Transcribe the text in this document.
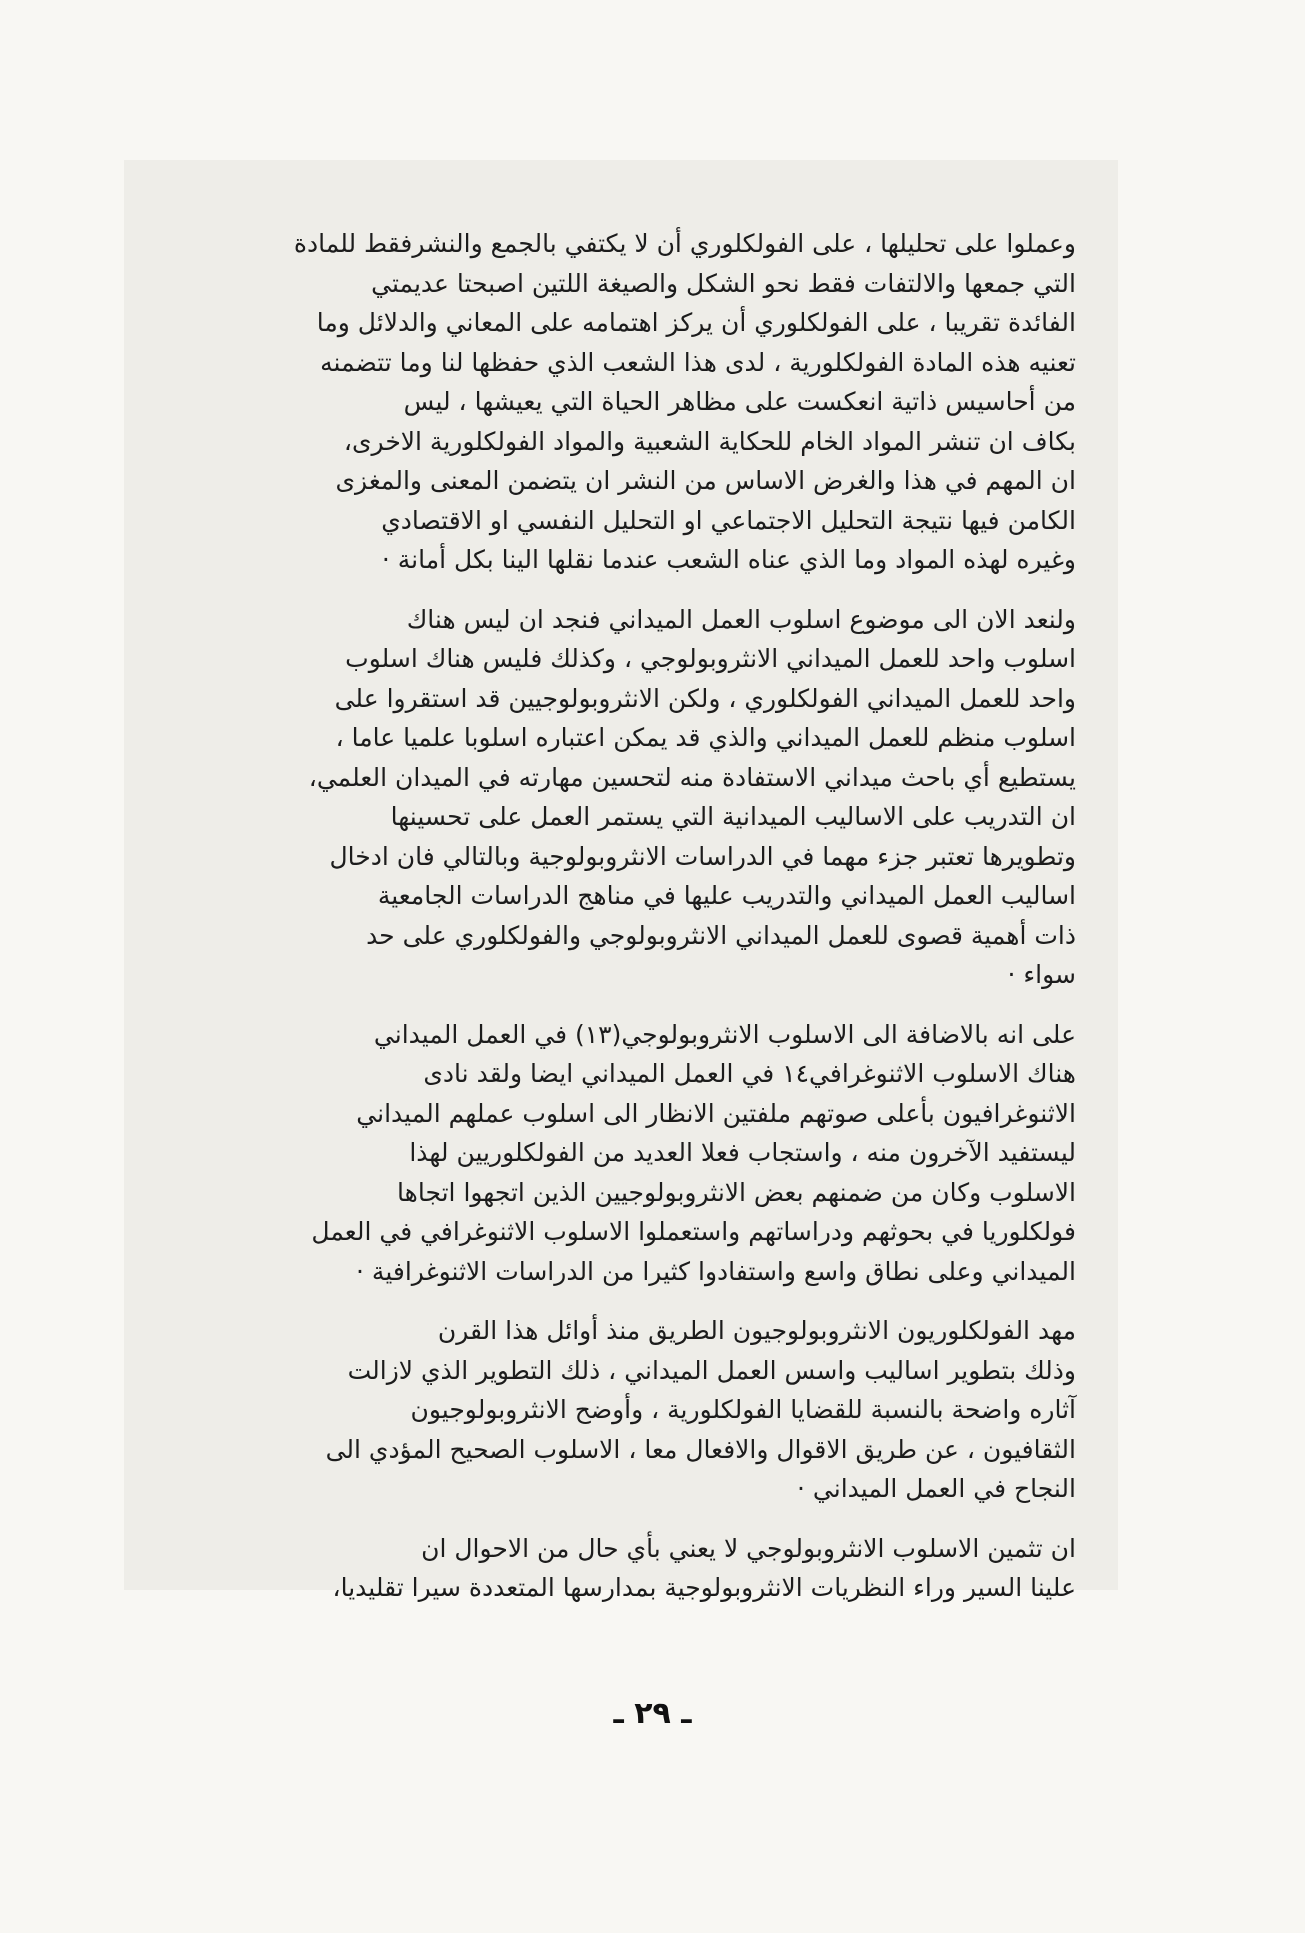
وعملوا على تحليلها ، على الفولكلوري أن لا يكتفي بالجمع والنشرفقط للمادة
التي جمعها والالتفات فقط نحو الشكل والصيغة اللتين اصبحتا عديمتي
الفائدة تقريبا ، على الفولكلوري أن يركز اهتمامه على المعاني والدلائل وما
تعنيه هذه المادة الفولكلورية ، لدى هذا الشعب الذي حفظها لنا وما تتضمنه
من أحاسيس ذاتية انعكست على مظاهر الحياة التي يعيشها ، ليس
بكاف ان تنشر المواد الخام للحكاية الشعبية والمواد الفولكلورية الاخرى،
ان المهم في هذا والغرض الاساس من النشر ان يتضمن المعنى والمغزى
الكامن فيها نتيجة التحليل الاجتماعي او التحليل النفسي او الاقتصادي
وغيره لهذه المواد وما الذي عناه الشعب عندما نقلها الينا بكل أمانة ·

ولنعد الان الى موضوع اسلوب العمل الميداني فنجد ان ليس هناك
اسلوب واحد للعمل الميداني الانثروبولوجي ، وكذلك فليس هناك اسلوب
واحد للعمل الميداني الفولكلوري ، ولكن الانثروبولوجيين قد استقروا على
اسلوب منظم للعمل الميداني والذي قد يمكن اعتباره اسلوبا علميا عاما ،
يستطيع أي باحث ميداني الاستفادة منه لتحسين مهارته في الميدان العلمي،
ان التدريب على الاساليب الميدانية التي يستمر العمل على تحسينها
وتطويرها تعتبر جزء مهما في الدراسات الانثروبولوجية وبالتالي فان ادخال
اساليب العمل الميداني والتدريب عليها في مناهج الدراسات الجامعية
ذات أهمية قصوى للعمل الميداني الانثروبولوجي والفولكلوري على حد
سواء ·

على انه بالاضافة الى الاسلوب الانثروبولوجي(١٣) في العمل الميداني
هناك الاسلوب الاثنوغرافي١٤ في العمل الميداني ايضا ولقد نادى
الاثنوغرافيون بأعلى صوتهم ملفتين الانظار الى اسلوب عملهم الميداني
ليستفيد الآخرون منه ، واستجاب فعلا العديد من الفولكلوريين لهذا
الاسلوب وكان من ضمنهم بعض الانثروبولوجيين الذين اتجهوا اتجاها
فولكلوريا في بحوثهم ودراساتهم واستعملوا الاسلوب الاثنوغرافي في العمل
الميداني وعلى نطاق واسع واستفادوا كثيرا من الدراسات الاثنوغرافية ·

مهد الفولكلوريون الانثروبولوجيون الطريق منذ أوائل هذا القرن
وذلك بتطوير اساليب واسس العمل الميداني ، ذلك التطوير الذي لازالت
آثاره واضحة بالنسبة للقضايا الفولكلورية ، وأوضح الانثروبولوجيون
الثقافيون ، عن طريق الاقوال والافعال معا ، الاسلوب الصحيح المؤدي الى
النجاح في العمل الميداني ·

ان تثمين الاسلوب الانثروبولوجي لا يعني بأي حال من الاحوال ان
علينا السير وراء النظريات الانثروبولوجية بمدارسها المتعددة سيرا تقليديا،

ـ ٢٩ ـ
